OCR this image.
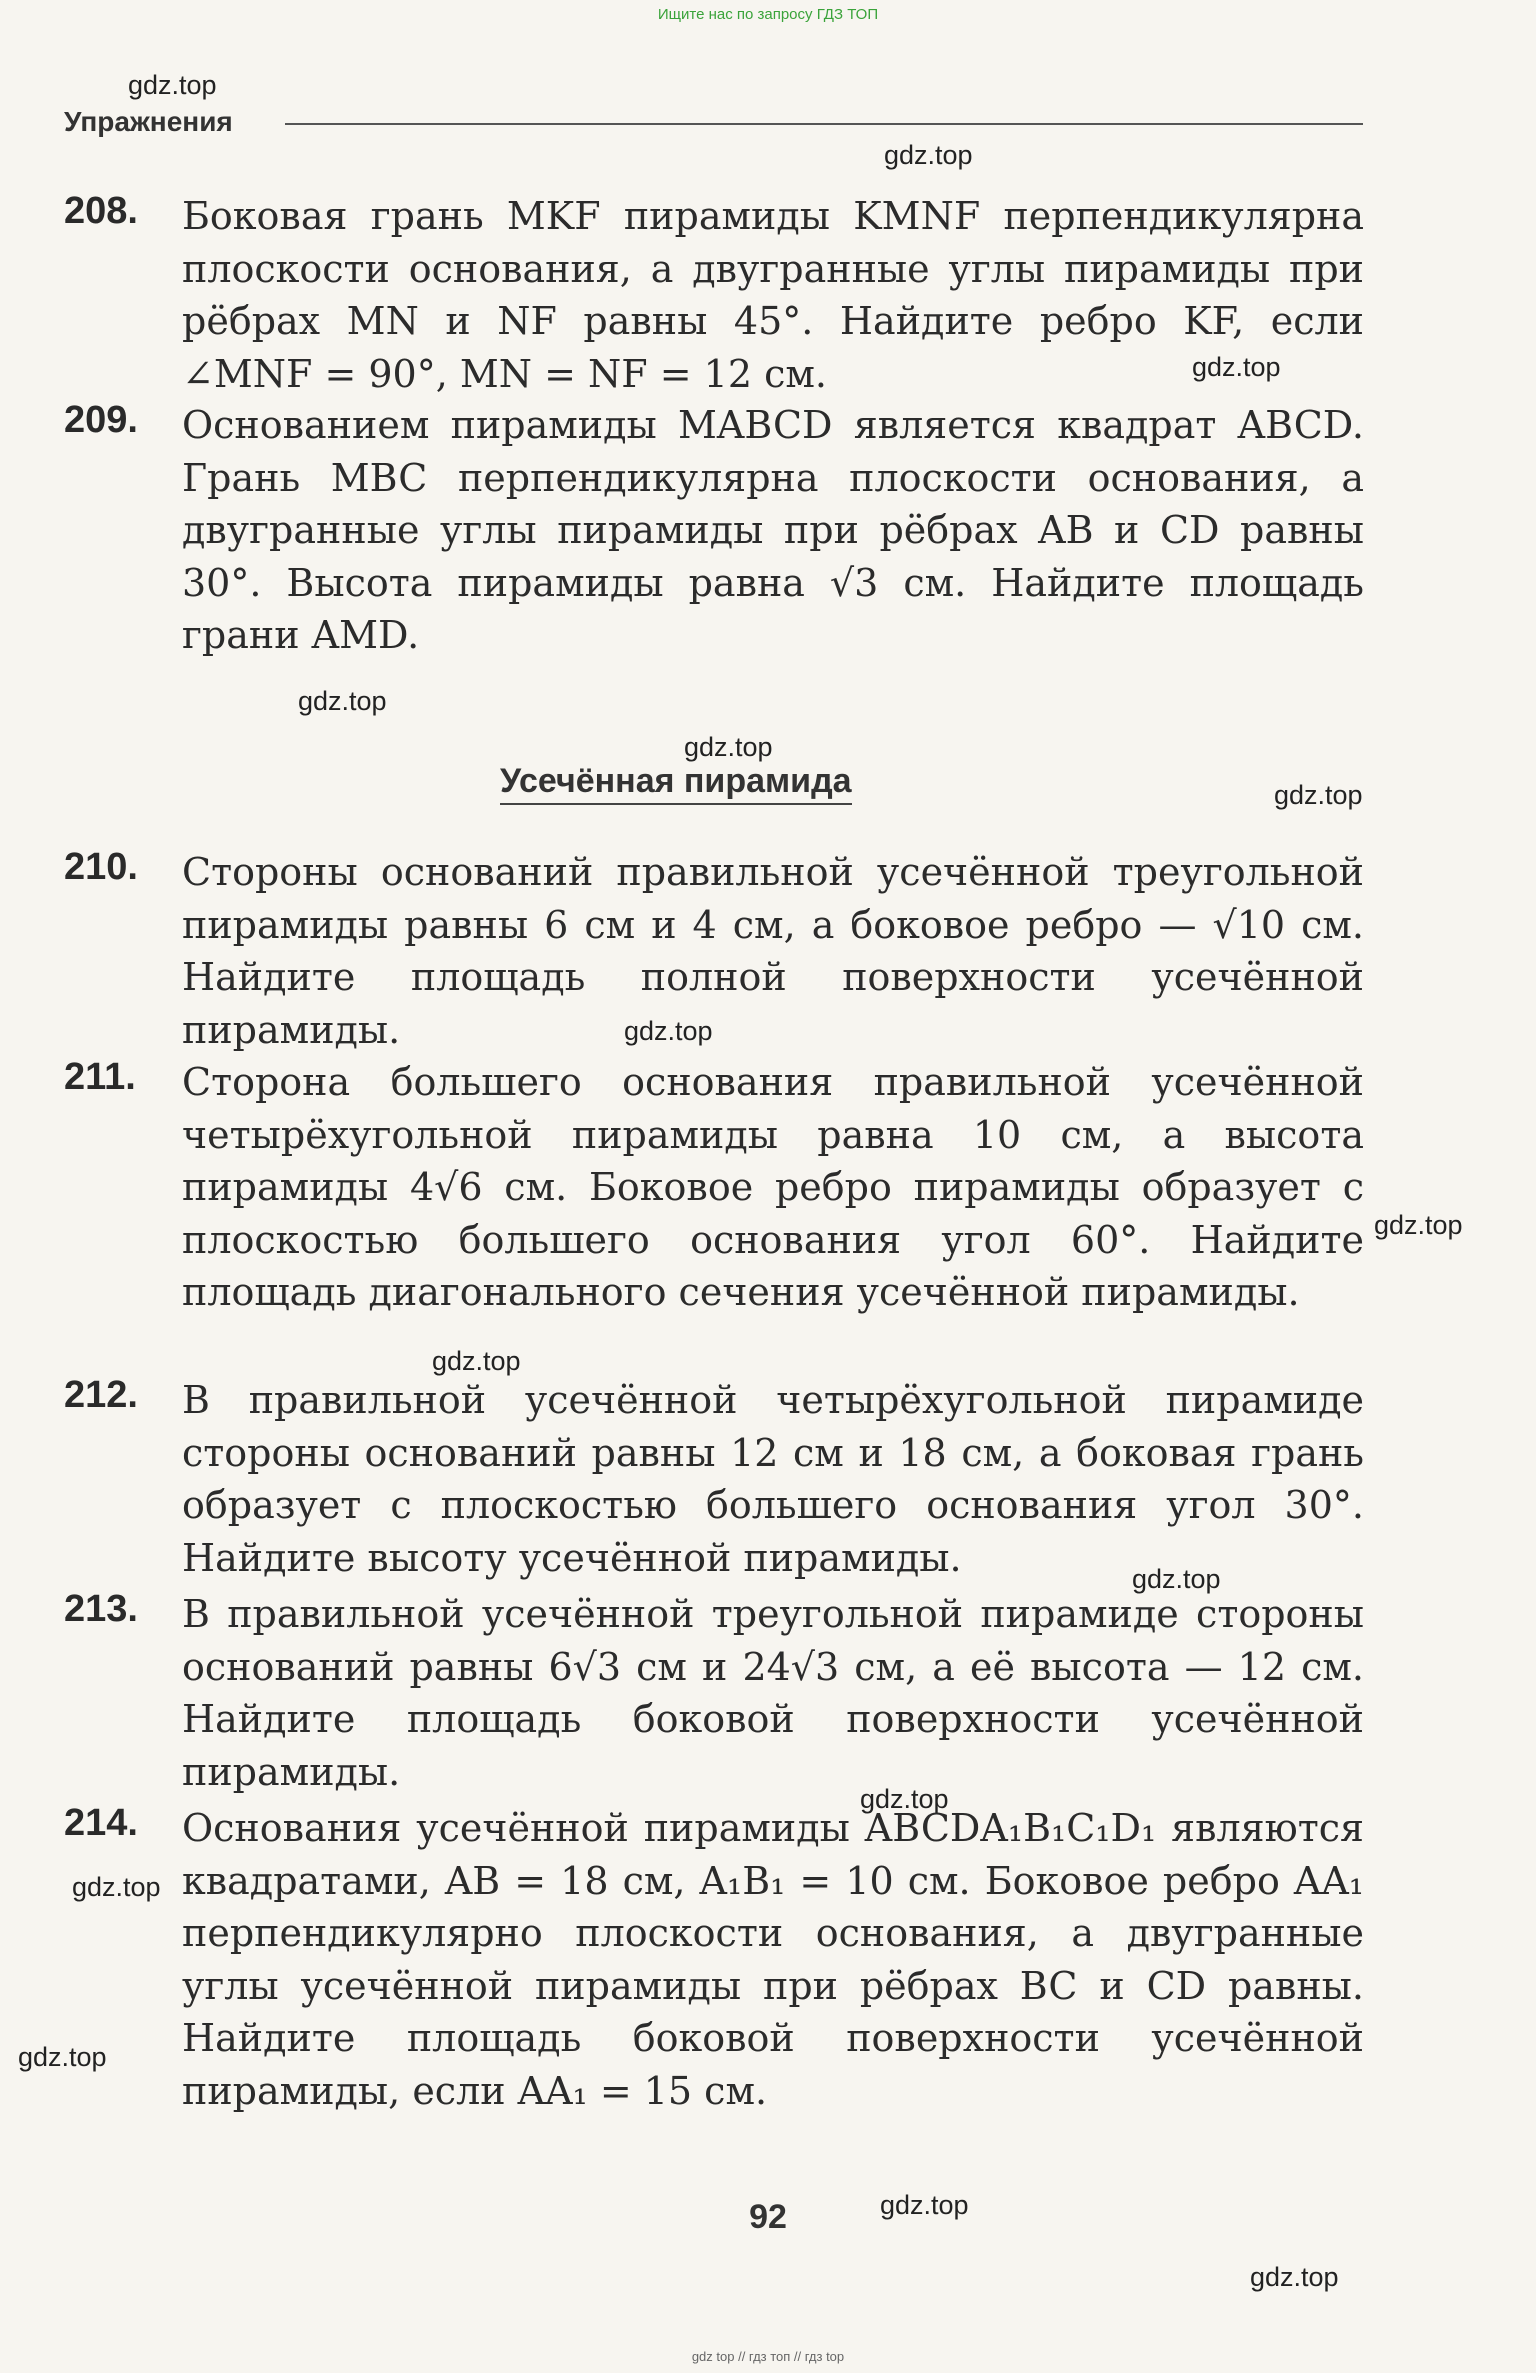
Ищите нас по запросу ГДЗ ТОП
gdz.top
gdz.top
gdz.top
gdz.top
gdz.top
gdz.top
gdz.top
gdz.top
gdz.top
gdz.top
gdz.top
gdz.top
gdz.top
gdz.top
gdz.top
Упражнения
208. Боковая грань MKF пирамиды KMNF перпендикулярна плоскости основания, а двугранные углы пирамиды при рёбрах MN и NF равны 45°. Найдите ребро KF, если ∠MNF = 90°, MN = NF = 12 см.
209. Основанием пирамиды MABCD является квадрат ABCD. Грань MBC перпендикулярна плоскости основания, а двугранные углы пирамиды при рёбрах AB и CD равны 30°. Высота пирамиды равна √3 см. Найдите площадь грани AMD.
Усечённая пирамида
210. Стороны оснований правильной усечённой треугольной пирамиды равны 6 см и 4 см, а боковое ребро — √10 см. Найдите площадь полной поверхности усечённой пирамиды.
211. Сторона большего основания правильной усечённой четырёхугольной пирамиды равна 10 см, а высота пирамиды 4√6 см. Боковое ребро пирамиды образует с плоскостью большего основания угол 60°. Найдите площадь диагонального сечения усечённой пирамиды.
212. В правильной усечённой четырёхугольной пирамиде стороны оснований равны 12 см и 18 см, а боковая грань образует с плоскостью большего основания угол 30°. Найдите высоту усечённой пирамиды.
213. В правильной усечённой треугольной пирамиде стороны оснований равны 6√3 см и 24√3 см, а её высота — 12 см. Найдите площадь боковой поверхности усечённой пирамиды.
214. Основания усечённой пирамиды ABCDA₁B₁C₁D₁ являются квадратами, AB = 18 см, A₁B₁ = 10 см. Боковое ребро AA₁ перпендикулярно плоскости основания, а двугранные углы усечённой пирамиды при рёбрах BC и CD равны. Найдите площадь боковой поверхности усечённой пирамиды, если AA₁ = 15 см.
92
gdz top // гдз топ // гдз top
